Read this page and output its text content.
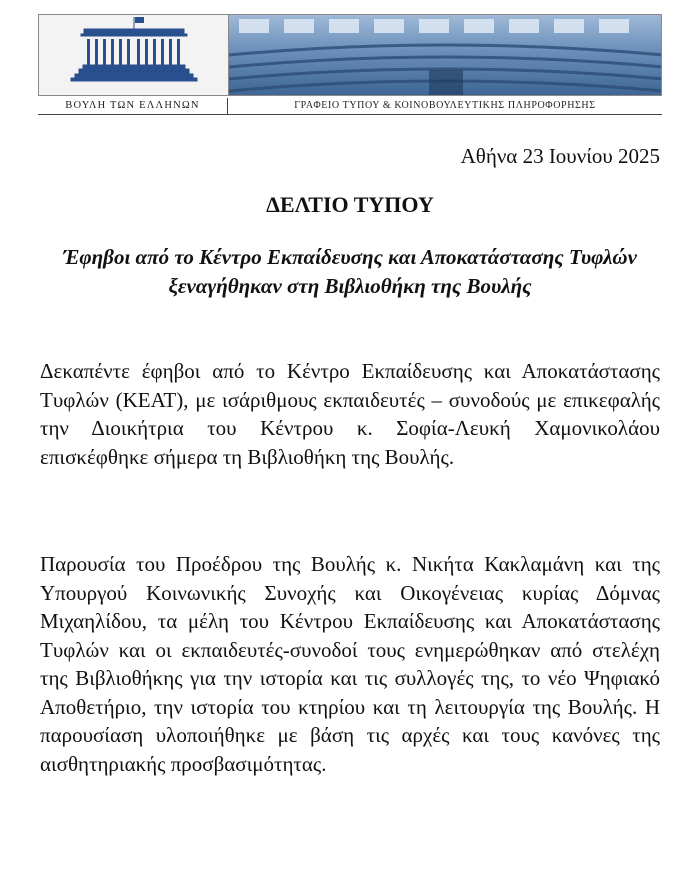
ΒΟΥΛΗ ΤΩΝ ΕΛΛΗΝΩΝ	ΓΡΑΦΕΙΟ ΤΥΠΟΥ & ΚΟΙΝΟΒΟΥΛΕΥΤΙΚΗΣ ΠΛΗΡΟΦΟΡΗΣΗΣ
Αθήνα 23 Ιουνίου 2025
ΔΕΛΤΙΟ ΤΥΠΟΥ
Έφηβοι από το Κέντρο Εκπαίδευσης και Αποκατάστασης Τυφλών ξεναγήθηκαν στη Βιβλιοθήκη της Βουλής

Δεκαπέντε έφηβοι από το Κέντρο Εκπαίδευσης και Αποκατάστασης Τυφλών (ΚΕΑΤ), με ισάριθμους εκπαιδευτές – συνοδούς με επικεφαλής την Διοικήτρια του Κέντρου κ. Σοφία-Λευκή Χαμονικολάου επισκέφθηκε σήμερα τη Βιβλιοθήκη της Βουλής.

Παρουσία του Προέδρου της Βουλής κ. Νικήτα Κακλαμάνη και της Υπουργού Κοινωνικής Συνοχής και Οικογένειας κυρίας Δόμνας Μιχαηλίδου, τα μέλη του Κέντρου Εκπαίδευσης και Αποκατάστασης Τυφλών και οι εκπαιδευτές-συνοδοί τους ενημερώθηκαν από στελέχη της Βιβλιοθήκης για την ιστορία και τις συλλογές της, το νέο Ψηφιακό Αποθετήριο, την ιστορία του κτηρίου και τη λειτουργία της Βουλής. Η παρουσίαση υλοποιήθηκε με βάση τις αρχές και τους κανόνες της αισθητηριακής προσβασιμότητας.
